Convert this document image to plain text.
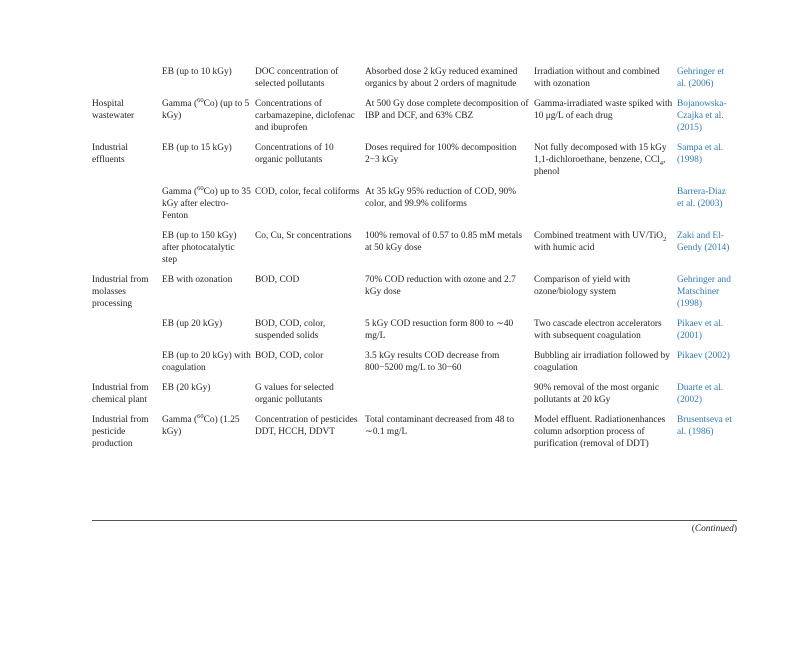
	EB (up to 10 kGy)	DOC concentration of selected pollutants	Absorbed dose 2 kGy reduced examined organics by about 2 orders of magnitude	Irradiation without and combined with ozonation	Gehringer et al. (2006)
Hospital wastewater	Gamma ($^{60}$Co) (up to 5 kGy)	Concentrations of carbamazepine, diclofenac and ibuprofen	At 500 Gy dose complete decomposition of IBP and DCF, and 63% CBZ	Gamma-irradiated waste spiked with 10 μg/L of each drug	Bojanowska-Czajka et al. (2015)
Industrial effluents	EB (up to 15 kGy)	Concentrations of 10 organic pollutants	Doses required for 100% decomposition 2−3 kGy	Not fully decomposed with 15 kGy 1,1-dichloroethane, benzene, CCl$_4$, phenol	Sampa et al. (1998)
	Gamma ($^{60}$Co) up to 35 kGy after electro-Fenton	COD, color, fecal coliforms	At 35 kGy 95% reduction of COD, 90% color, and 99.9% coliforms		Barrera-Diaz et al. (2003)
	EB (up to 150 kGy) after photocatalytic step	Co, Cu, Sr concentrations	100% removal of 0.57 to 0.85 mM metals at 50 kGy dose	Combined treatment with UV/TiO$_2$ with humic acid	Zaki and El-Gendy (2014)
Industrial from molasses processing	EB with ozonation	BOD, COD	70% COD reduction with ozone and 2.7 kGy dose	Comparison of yield with ozone/biology system	Gehringer and Matschiner (1998)
	EB (up 20 kGy)	BOD, COD, color, suspended solids	5 kGy COD resuction form 800 to ∼40 mg/L	Two cascade electron accelerators with subsequent coagulation	Pikaev et al. (2001)
	EB (up to 20 kGy) with coagulation	BOD, COD, color	3.5 kGy results COD decrease from 800−5200 mg/L to 30−60	Bubbling air irradiation followed by coagulation	Pikaev (2002)
Industrial from chemical plant	EB (20 kGy)	G values for selected organic pollutants		90% removal of the most organic pollutants at 20 kGy	Duarte et al. (2002)
Industrial from pesticide production	Gamma ($^{60}$Co) (1.25 kGy)	Concentration of pesticides DDT, HCCH, DDVT	Total contaminant decreased from 48 to ∼0.1 mg/L	Model effluent. Radiationenhances column adsorption process of purification (removal of DDT)	Brusentseva et al. (1986)
(Continued)
